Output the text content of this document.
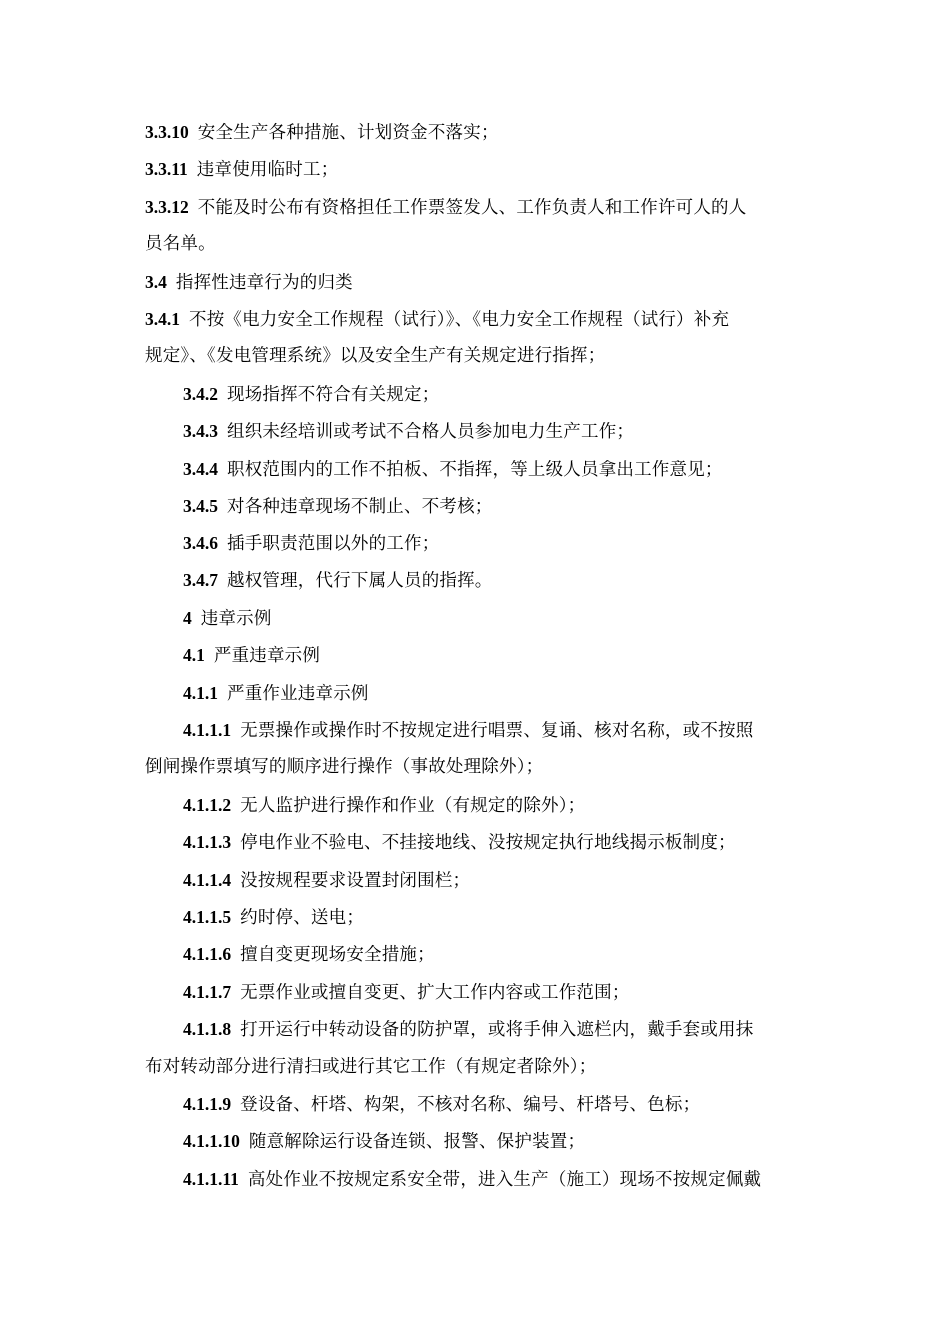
3.3.10 安全生产各种措施、计划资金不落实；
3.3.11 违章使用临时工；
3.3.12 不能及时公布有资格担任工作票签发人、工作负责人和工作许可人的人
员名单。
3.4 指挥性违章行为的归类
3.4.1 不按《电力安全工作规程（试行）》、《电力安全工作规程（试行）补充
规定》、《发电管理系统》以及安全生产有关规定进行指挥；
3.4.2 现场指挥不符合有关规定；
3.4.3 组织未经培训或考试不合格人员参加电力生产工作；
3.4.4 职权范围内的工作不拍板、不指挥，等上级人员拿出工作意见；
3.4.5 对各种违章现场不制止、不考核；
3.4.6 插手职责范围以外的工作；
3.4.7 越权管理，代行下属人员的指挥。
4 违章示例
4.1 严重违章示例
4.1.1 严重作业违章示例
4.1.1.1 无票操作或操作时不按规定进行唱票、复诵、核对名称，或不按照
倒闸操作票填写的顺序进行操作（事故处理除外）；
4.1.1.2 无人监护进行操作和作业（有规定的除外）；
4.1.1.3 停电作业不验电、不挂接地线、没按规定执行地线揭示板制度；
4.1.1.4 没按规程要求设置封闭围栏；
4.1.1.5 约时停、送电；
4.1.1.6 擅自变更现场安全措施；
4.1.1.7 无票作业或擅自变更、扩大工作内容或工作范围；
4.1.1.8 打开运行中转动设备的防护罩，或将手伸入遮栏内，戴手套或用抹
布对转动部分进行清扫或进行其它工作（有规定者除外）；
4.1.1.9 登设备、杆塔、构架，不核对名称、编号、杆塔号、色标；
4.1.1.10 随意解除运行设备连锁、报警、保护装置；
4.1.1.11 高处作业不按规定系安全带，进入生产（施工）现场不按规定佩戴
